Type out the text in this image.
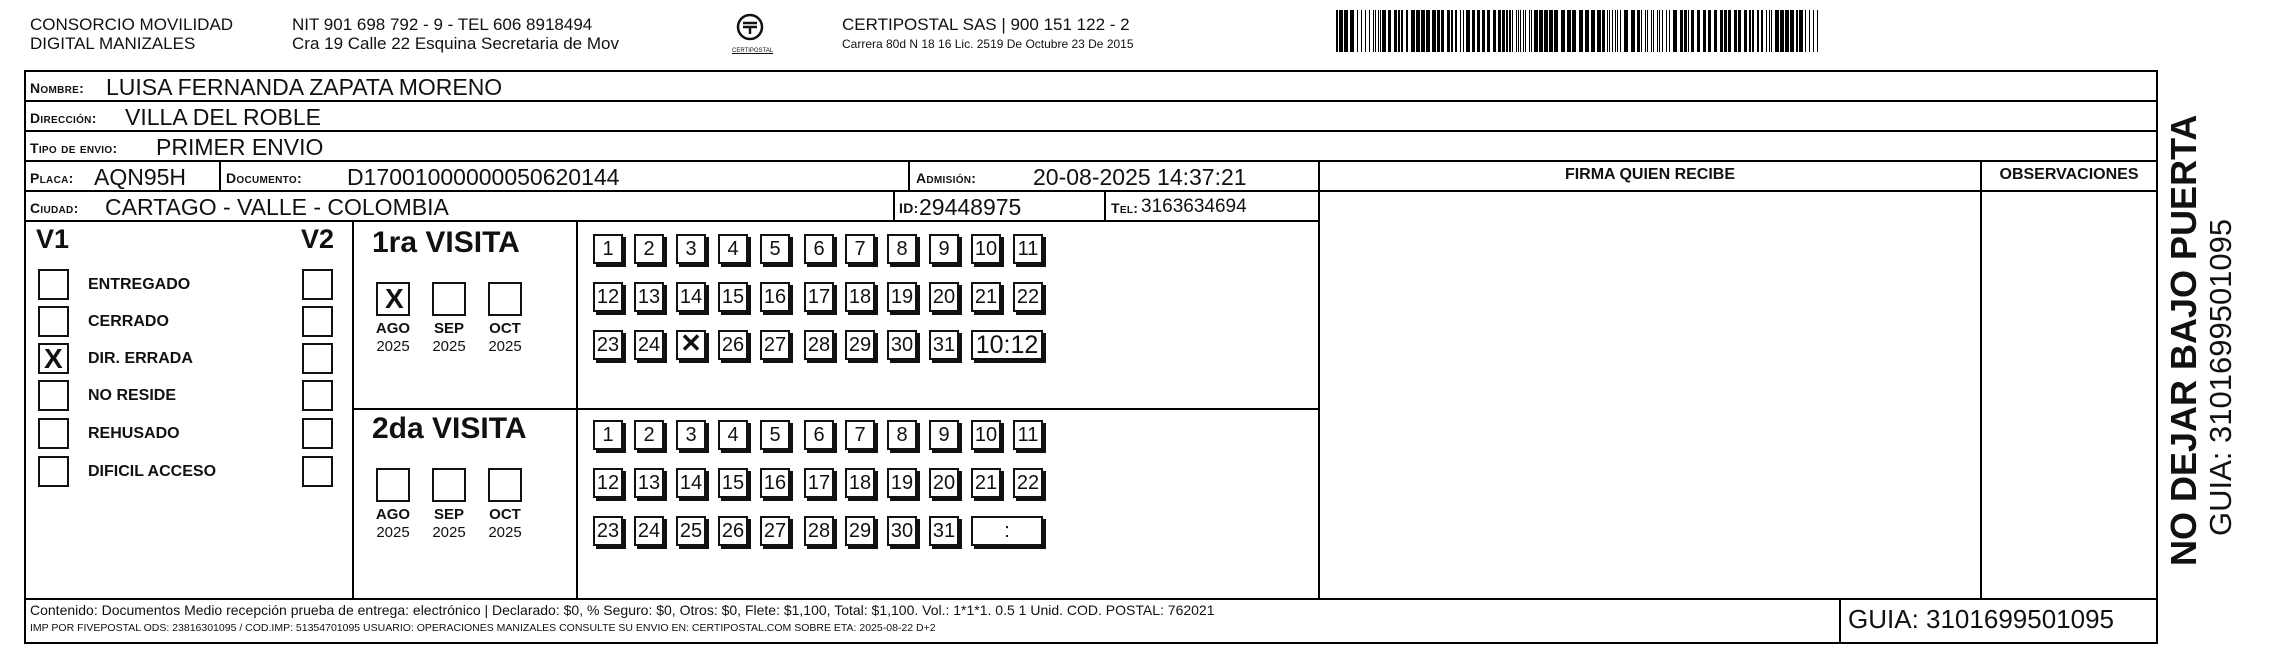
CONSORCIO MOVILIDAD
DIGITAL MANIZALES
NIT 901 698 792 - 9 - TEL 606 8918494
Cra 19 Calle 22 Esquina Secretaria de Mov	CERTIPOSTAL
CERTIPOSTAL SAS | 900 151 122 - 2
Carrera 80d N 18 16 Lic. 2519 De Octubre 23 De 2015
Nombre: LUISA FERNANDA ZAPATA MORENO
Dirección: VILLA DEL ROBLE
Tipo de envio: PRIMER ENVIO
Placa: AQN95H	Documento: D17001000000050620144	Admisión: 20-08-2025 14:37:21
Ciudad: CARTAGO - VALLE - COLOMBIA	ID: 29448975	Tel: 3163634694
FIRMA QUIEN RECIBE	OBSERVACIONES
V1	V2
ENTREGADO
CERRADO
X DIR. ERRADA
NO RESIDE
REHUSADO
DIFICIL ACCESO
1ra VISITA
X
AGO
2025
SEP
2025
OCT
2025
1	2	3	4	5	6	7	8	9	10 11
12 13 14 15 16 17 18 19 20 21 22
23 24 ✕ 26 27 28 29 30 31 10:12
2da VISITA
AGO
2025
SEP
2025
OCT
2025
1	2	3	4	5	6	7	8	9	10 11
12 13 14 15 16 17 18 19 20 21 22
23 24 25 26 27 28 29 30 31	:
Contenido: Documentos Medio recepción prueba de entrega: electrónico | Declarado: $0, % Seguro: $0, Otros: $0, Flete: $1,100, Total: $1,100. Vol.: 1*1*1. 0.5 1 Unid. COD. POSTAL: 762021
IMP POR FIVEPOSTAL ODS: 23816301095 / COD.IMP: 51354701095 USUARIO: OPERACIONES MANIZALES CONSULTE SU ENVIO EN: CERTIPOSTAL.COM SOBRE ETA: 2025-08-22 D+2	GUIA: 3101699501095
NO DEJAR BAJO PUERTA GUIA: 3101699501095
